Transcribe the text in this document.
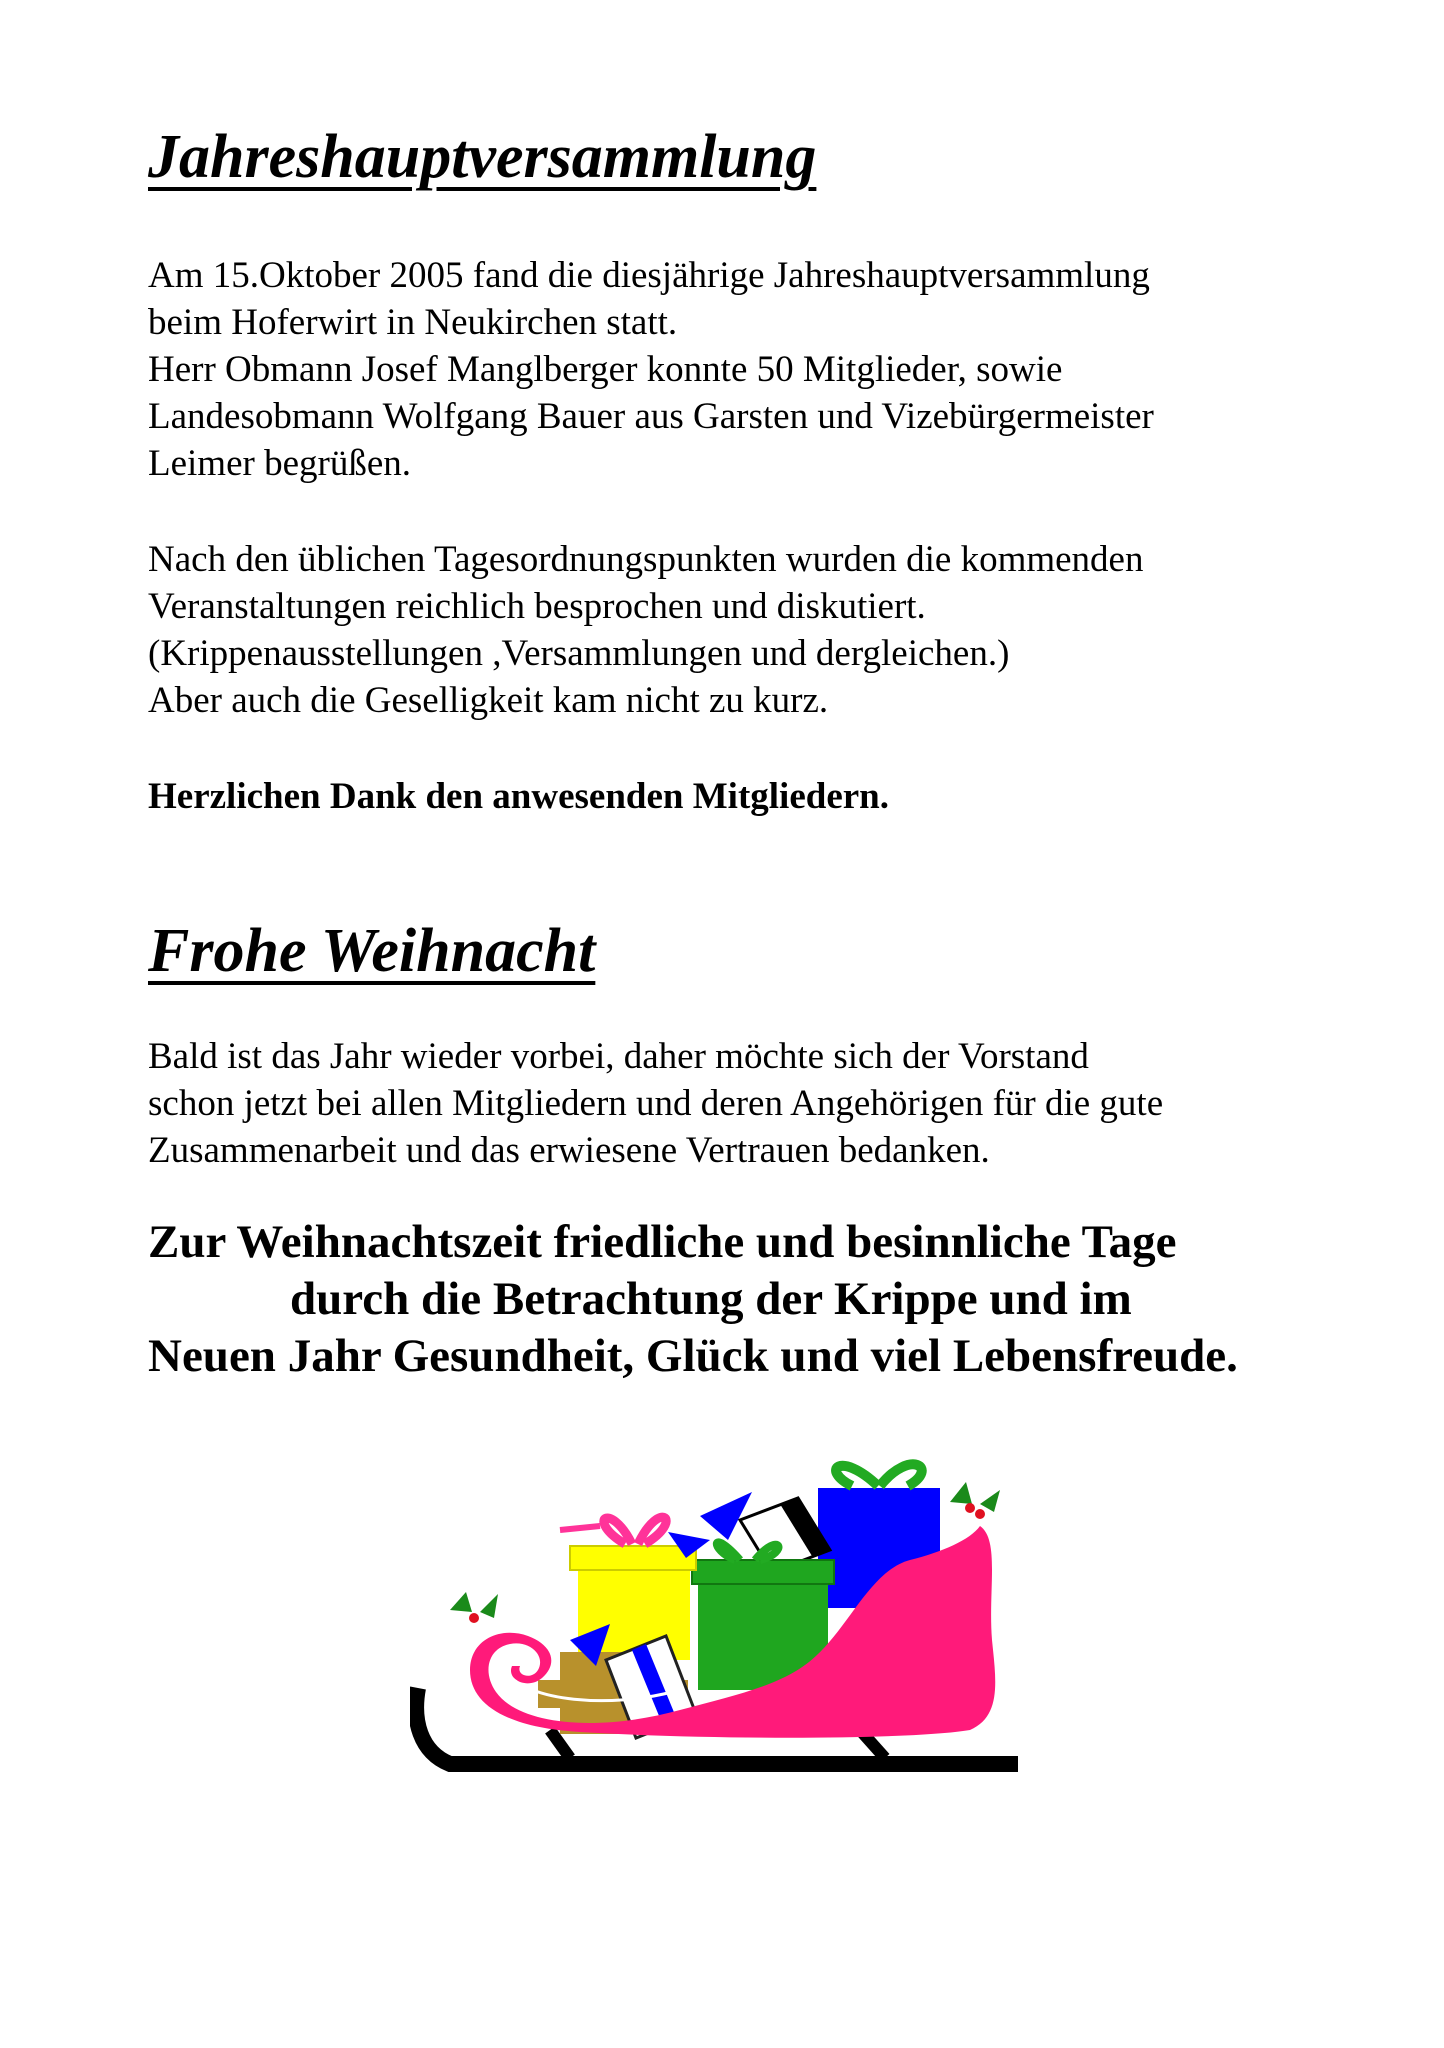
Jahreshauptversammlung
Am 15.Oktober 2005 fand die diesjährige Jahreshauptversammlung
beim Hoferwirt in Neukirchen statt.
Herr Obmann Josef Manglberger konnte 50 Mitglieder, sowie
Landesobmann Wolfgang Bauer aus Garsten und Vizebürgermeister
Leimer begrüßen.
Nach den üblichen Tagesordnungspunkten wurden die kommenden
Veranstaltungen reichlich besprochen und diskutiert.
(Krippenausstellungen ,Versammlungen und dergleichen.)
Aber auch die Geselligkeit kam nicht zu kurz.
Herzlichen Dank den anwesenden Mitgliedern.
Frohe Weihnacht
Bald ist das Jahr wieder vorbei, daher möchte sich der Vorstand
schon jetzt bei allen Mitgliedern und deren Angehörigen für die gute
Zusammenarbeit und das erwiesene Vertrauen bedanken.
Zur Weihnachtszeit friedliche und besinnliche Tage
durch die Betrachtung der Krippe und im
Neuen Jahr Gesundheit, Glück und viel Lebensfreude.
